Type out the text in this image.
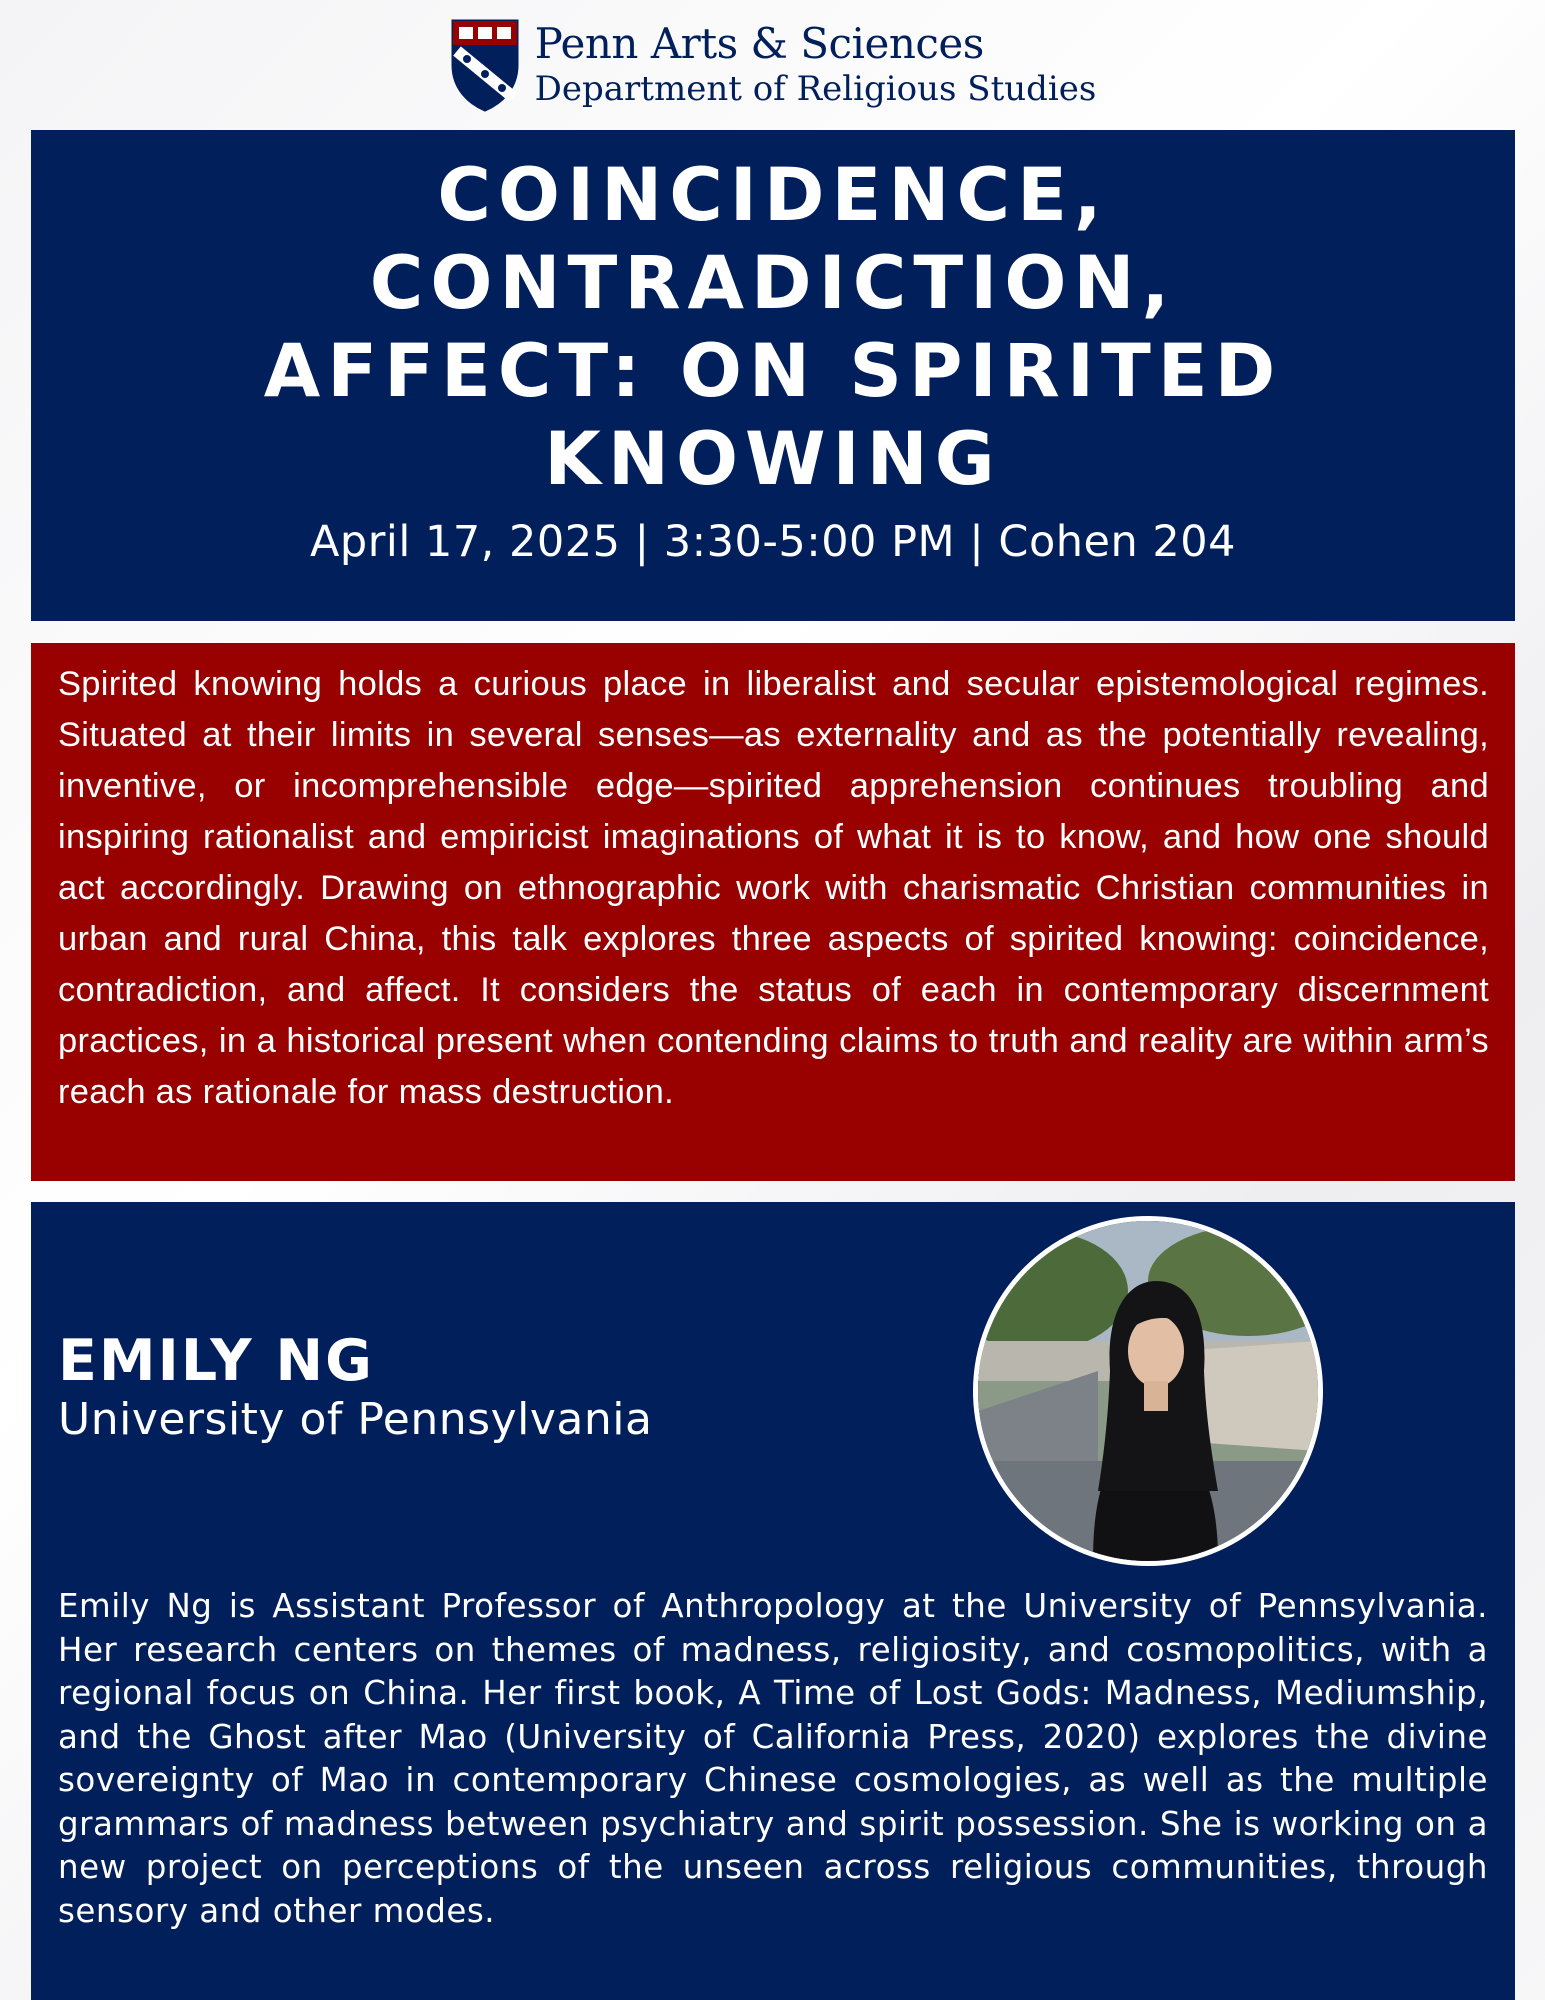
Penn Arts & Sciences
Department of Religious Studies
COINCIDENCE,
CONTRADICTION,
AFFECT: ON SPIRITED
KNOWING
April 17, 2025 | 3:30-5:00 PM | Cohen 204

Spirited knowing holds a curious place in liberalist and secular epistemological regimes. Situated at their limits in several senses—as externality and as the potentially revealing, inventive, or incomprehensible edge—spirited apprehension continues troubling and inspiring rationalist and empiricist imaginations of what it is to know, and how one should act accordingly. Drawing on ethnographic work with charismatic Christian communities in urban and rural China, this talk explores three aspects of spirited knowing: coincidence, contradiction, and affect. It considers the status of each in contemporary discernment practices, in a historical present when contending claims to truth and reality are within arm’s reach as rationale for mass destruction.

EMILY NG
University of Pennsylvania

Emily Ng is Assistant Professor of Anthropology at the University of Pennsylvania. Her research centers on themes of madness, religiosity, and cosmopolitics, with a regional focus on China. Her first book, A Time of Lost Gods: Madness, Mediumship, and the Ghost after Mao (University of California Press, 2020) explores the divine sovereignty of Mao in contemporary Chinese cosmologies, as well as the multiple grammars of madness between psychiatry and spirit possession. She is working on a new project on perceptions of the unseen across religious communities, through sensory and other modes.
